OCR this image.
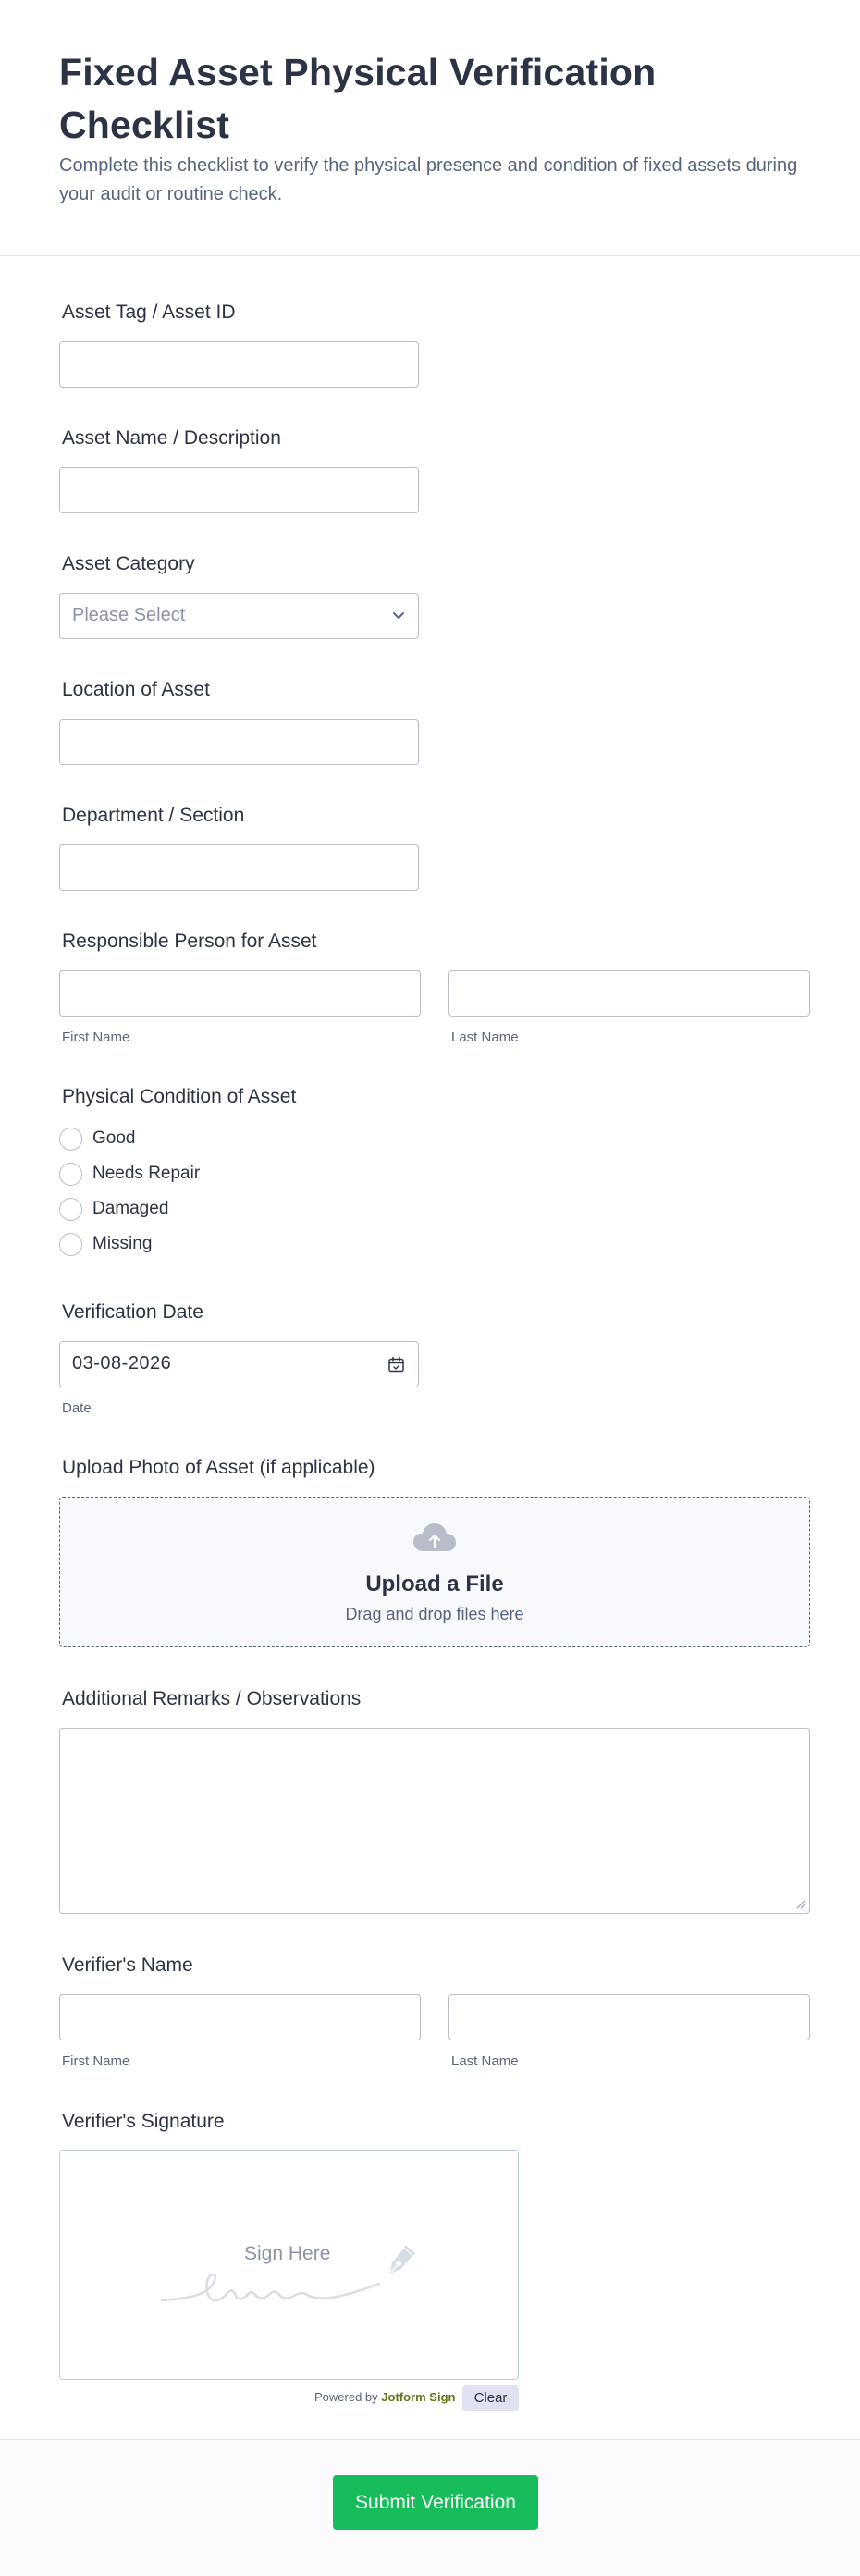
Fixed Asset Physical Verification Checklist
Complete this checklist to verify the physical presence and condition of fixed assets during your audit or routine check.
Asset Tag / Asset ID
Asset Name / Description
Asset Category
Please Select
Location of Asset
Department / Section
Responsible Person for Asset
First Name	Last Name
Physical Condition of Asset
Good
Needs Repair
Damaged
Missing
Verification Date
03-08-2026
Date
Upload Photo of Asset (if applicable)
Upload a File
Drag and drop files here
Additional Remarks / Observations
Verifier's Name
First Name	Last Name
Verifier's Signature
Sign Here
Powered by Jotform Sign	Clear
Submit Verification
